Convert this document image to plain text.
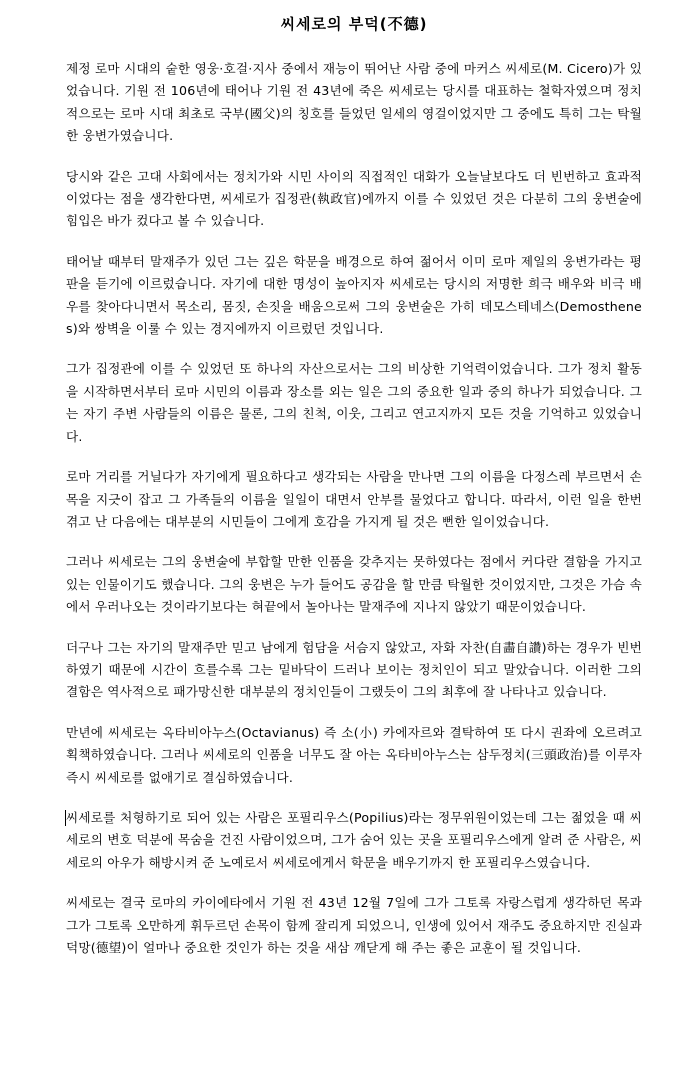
씨세로의 부덕(不德)

제정 로마 시대의 숱한 영웅·호걸·지사 중에서 재능이 뛰어난 사람 중에 마커스 씨세로(M. Cicero)가 있었습니다. 기원 전 106년에 태어나 기원 전 43년에 죽은 씨세로는 당시를 대표하는 철학자였으며 정치적으로는 로마 시대 최초로 국부(國父)의 칭호를 들었던 일세의 영걸이었지만 그 중에도 특히 그는 탁월한 웅변가였습니다.

당시와 같은 고대 사회에서는 정치가와 시민 사이의 직접적인 대화가 오늘날보다도 더 빈번하고 효과적이었다는 점을 생각한다면, 씨세로가 집정관(執政官)에까지 이를 수 있었던 것은 다분히 그의 웅변술에 힘입은 바가 컸다고 볼 수 있습니다.

태어날 때부터 말재주가 있던 그는 깊은 학문을 배경으로 하여 젊어서 이미 로마 제일의 웅변가라는 평판을 듣기에 이르렀습니다. 자기에 대한 명성이 높아지자 씨세로는 당시의 저명한 희극 배우와 비극 배우를 찾아다니면서 목소리, 몸짓, 손짓을 배움으로써 그의 웅변술은 가히 데모스테네스(Demosthenes)와 쌍벽을 이룰 수 있는 경지에까지 이르렀던 것입니다.

그가 집정관에 이를 수 있었던 또 하나의 자산으로서는 그의 비상한 기억력이었습니다. 그가 정치 활동을 시작하면서부터 로마 시민의 이름과 장소를 외는 일은 그의 중요한 일과 중의 하나가 되었습니다. 그는 자기 주변 사람들의 이름은 물론, 그의 친척, 이웃, 그리고 연고지까지 모든 것을 기억하고 있었습니다.

로마 거리를 거닐다가 자기에게 필요하다고 생각되는 사람을 만나면 그의 이름을 다정스레 부르면서 손목을 지긋이 잡고 그 가족들의 이름을 일일이 대면서 안부를 물었다고 합니다. 따라서, 이런 일을 한번 겪고 난 다음에는 대부분의 시민들이 그에게 호감을 가지게 될 것은 뻔한 일이었습니다.

그러나 씨세로는 그의 웅변술에 부합할 만한 인품을 갖추지는 못하였다는 점에서 커다란 결함을 가지고 있는 인물이기도 했습니다. 그의 웅변은 누가 들어도 공감을 할 만큼 탁월한 것이었지만, 그것은 가슴 속에서 우러나오는 것이라기보다는 혀끝에서 놀아나는 말재주에 지나지 않았기 때문이었습니다.

더구나 그는 자기의 말재주만 믿고 남에게 험담을 서슴지 않았고, 자화 자찬(自畵自讚)하는 경우가 빈번하였기 때문에 시간이 흐를수록 그는 밑바닥이 드러나 보이는 정치인이 되고 말았습니다. 이러한 그의 결함은 역사적으로 패가망신한 대부분의 정치인들이 그랬듯이 그의 최후에 잘 나타나고 있습니다.

만년에 씨세로는 옥타비아누스(Octavianus) 즉 소(小) 카에자르와 결탁하여 또 다시 권좌에 오르려고 획책하였습니다. 그러나 씨세로의 인품을 너무도 잘 아는 옥타비아누스는 삼두정치(三頭政治)를 이루자 즉시 씨세로를 없애기로 결심하였습니다.

씨세로를 처형하기로 되어 있는 사람은 포필리우스(Popilius)라는 정무위원이었는데 그는 젊었을 때 씨세로의 변호 덕분에 목숨을 건진 사람이었으며, 그가 숨어 있는 곳을 포필리우스에게 알려 준 사람은, 씨세로의 아우가 해방시켜 준 노예로서 씨세로에게서 학문을 배우기까지 한 포필리우스였습니다.

씨세로는 결국 로마의 카이에타에서 기원 전 43년 12월 7일에 그가 그토록 자랑스럽게 생각하던 목과 그가 그토록 오만하게 휘두르던 손목이 함께 잘리게 되었으니, 인생에 있어서 재주도 중요하지만 진실과 덕망(德望)이 얼마나 중요한 것인가 하는 것을 새삼 깨닫게 해 주는 좋은 교훈이 될 것입니다.
